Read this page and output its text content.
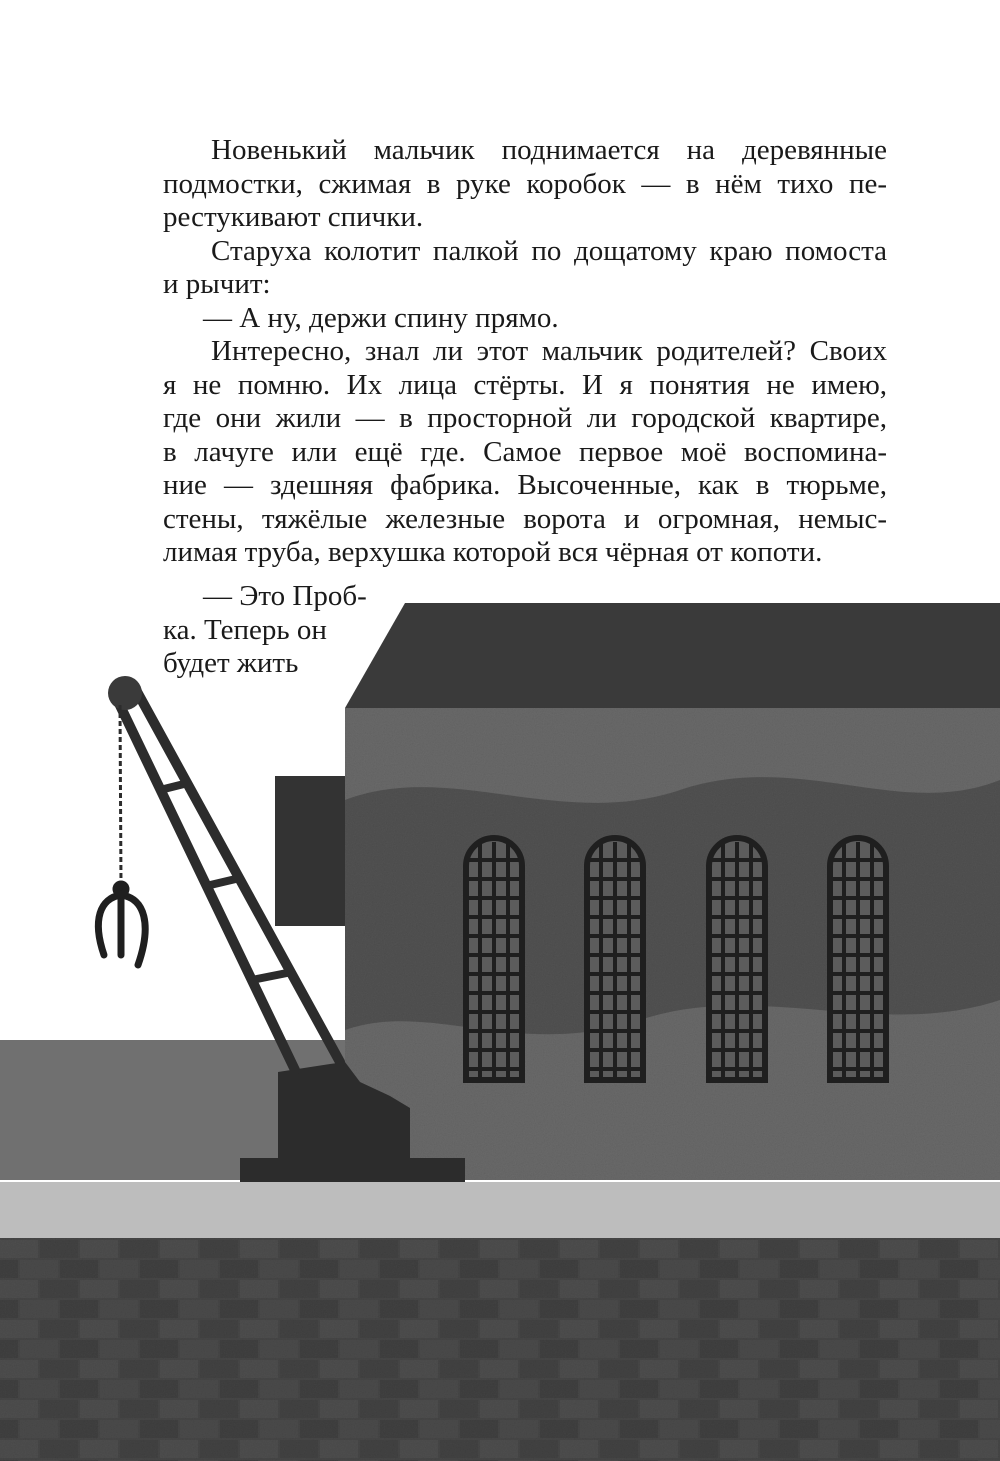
Новенький мальчик поднимается на деревянные
подмостки, сжимая в руке коробок — в нём тихо пе-
рестукивают спички.

Старуха колотит палкой по дощатому краю помоста
и рычит:

— А ну, держи спину прямо.

Интересно, знал ли этот мальчик родителей? Своих
я не помню. Их лица стёрты. И я понятия не имею,
где они жили — в просторной ли городской квартире,
в лачуге или ещё где. Самое первое моё воспомина-
ние — здешняя фабрика. Высоченные, как в тюрьме,
стены, тяжёлые железные ворота и огромная, немыс-
лимая труба, верхушка которой вся чёрная от копоти.

— Это Проб-
ка. Теперь он
будет жить
